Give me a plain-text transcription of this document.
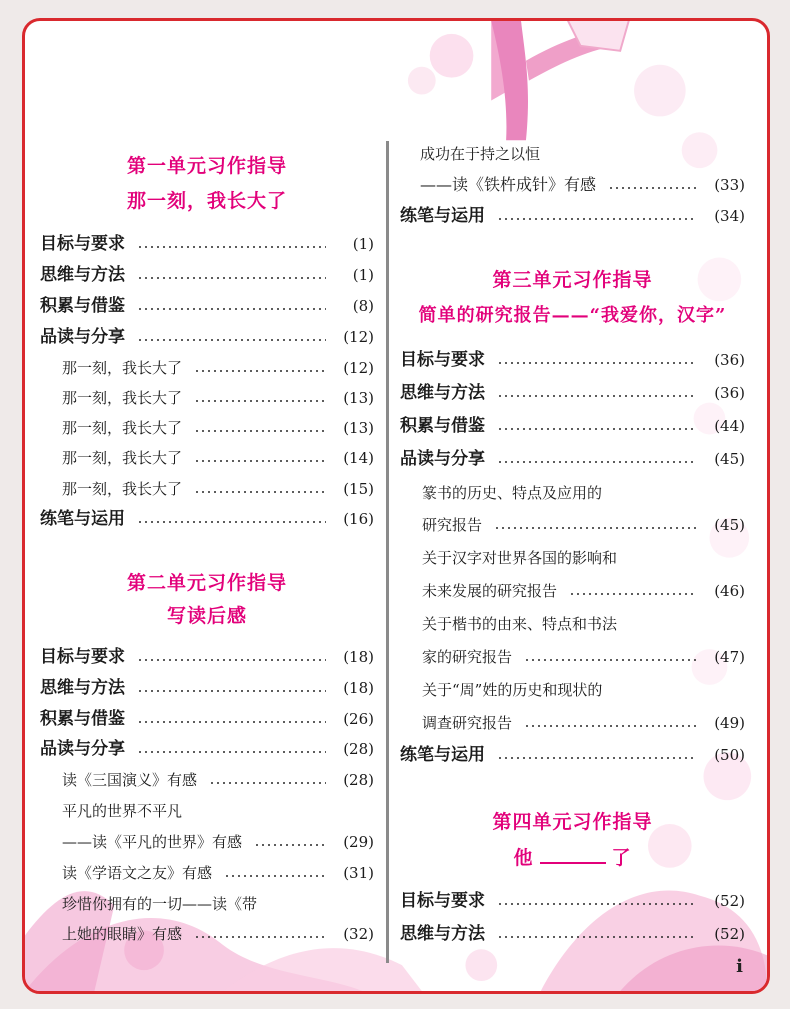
第一单元习作指导
那一刻，我长大了
目标与要求	(1)
思维与方法	(1)
积累与借鉴	(8)
品读与分享	(12)
那一刻，我长大了	(12)
那一刻，我长大了	(13)
那一刻，我长大了	(13)
那一刻，我长大了	(14)
那一刻，我长大了	(15)
练笔与运用	(16)
第二单元习作指导
写读后感
目标与要求	(18)
思维与方法	(18)
积累与借鉴	(26)
品读与分享	(28)
读《三国演义》有感	(28)
平凡的世界不平凡
——读《平凡的世界》有感	(29)
读《学语文之友》有感	(31)
珍惜你拥有的一切——读《带
上她的眼睛》有感	(32)
成功在于持之以恒
——读《铁杵成针》有感	(33)
练笔与运用	(34)
第三单元习作指导
简单的研究报告——“我爱你，汉字”
目标与要求	(36)
思维与方法	(36)
积累与借鉴	(44)
品读与分享	(45)
篆书的历史、特点及应用的
研究报告	(45)
关于汉字对世界各国的影响和
未来发展的研究报告	(46)
关于楷书的由来、特点和书法
家的研究报告	(47)
关于“周”姓的历史和现状的
调查研究报告	(49)
练笔与运用	(50)
第四单元习作指导
他	了
目标与要求	(52)
思维与方法	(52)
i
